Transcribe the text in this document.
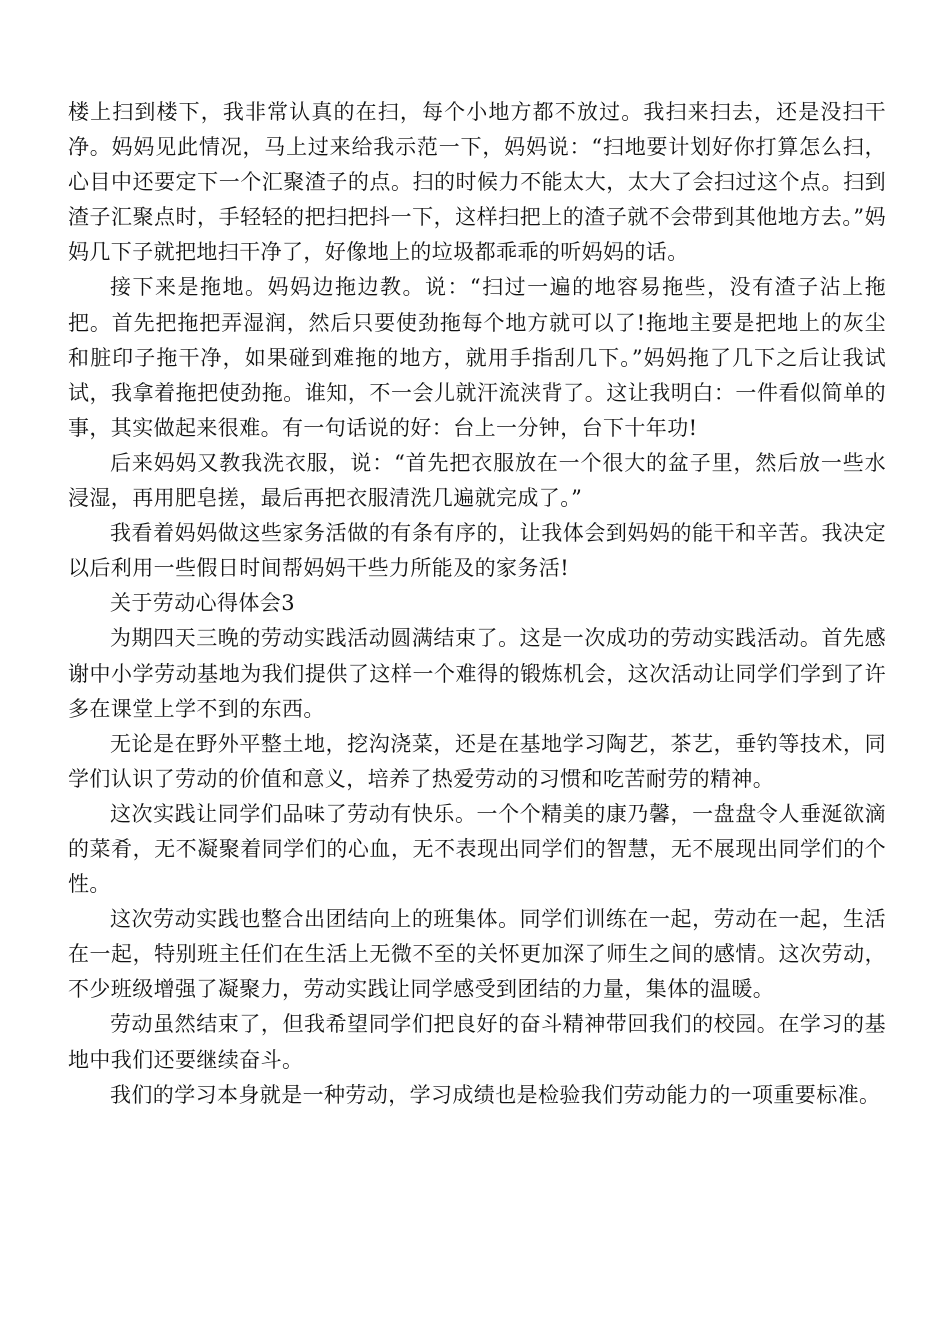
楼上扫到楼下，我非常认真的在扫，每个小地方都不放过。我扫来扫去，还是没扫干净。妈妈见此情况，马上过来给我示范一下，妈妈说：“扫地要计划好你打算怎么扫，心目中还要定下一个汇聚渣子的点。扫的时候力不能太大，太大了会扫过这个点。扫到渣子汇聚点时，手轻轻的把扫把抖一下，这样扫把上的渣子就不会带到其他地方去。”妈妈几下子就把地扫干净了，好像地上的垃圾都乖乖的听妈妈的话。

接下来是拖地。妈妈边拖边教。说：“扫过一遍的地容易拖些，没有渣子沾上拖把。首先把拖把弄湿润，然后只要使劲拖每个地方就可以了!拖地主要是把地上的灰尘和脏印子拖干净，如果碰到难拖的地方，就用手指刮几下。”妈妈拖了几下之后让我试试，我拿着拖把使劲拖。谁知，不一会儿就汗流浃背了。这让我明白：一件看似简单的事，其实做起来很难。有一句话说的好：台上一分钟，台下十年功!

后来妈妈又教我洗衣服，说：“首先把衣服放在一个很大的盆子里，然后放一些水浸湿，再用肥皂搓，最后再把衣服清洗几遍就完成了。”

我看着妈妈做这些家务活做的有条有序的，让我体会到妈妈的能干和辛苦。我决定以后利用一些假日时间帮妈妈干些力所能及的家务活!

关于劳动心得体会3

为期四天三晚的劳动实践活动圆满结束了。这是一次成功的劳动实践活动。首先感谢中小学劳动基地为我们提供了这样一个难得的锻炼机会，这次活动让同学们学到了许多在课堂上学不到的东西。

无论是在野外平整土地，挖沟浇菜，还是在基地学习陶艺，茶艺，垂钓等技术，同学们认识了劳动的价值和意义，培养了热爱劳动的习惯和吃苦耐劳的精神。

这次实践让同学们品味了劳动有快乐。一个个精美的康乃馨，一盘盘令人垂涎欲滴的菜肴，无不凝聚着同学们的心血，无不表现出同学们的智慧，无不展现出同学们的个性。

这次劳动实践也整合出团结向上的班集体。同学们训练在一起，劳动在一起，生活在一起，特别班主任们在生活上无微不至的关怀更加深了师生之间的感情。这次劳动，不少班级增强了凝聚力，劳动实践让同学感受到团结的力量，集体的温暖。

劳动虽然结束了，但我希望同学们把良好的奋斗精神带回我们的校园。在学习的基地中我们还要继续奋斗。

我们的学习本身就是一种劳动，学习成绩也是检验我们劳动能力的一项重要标准。
